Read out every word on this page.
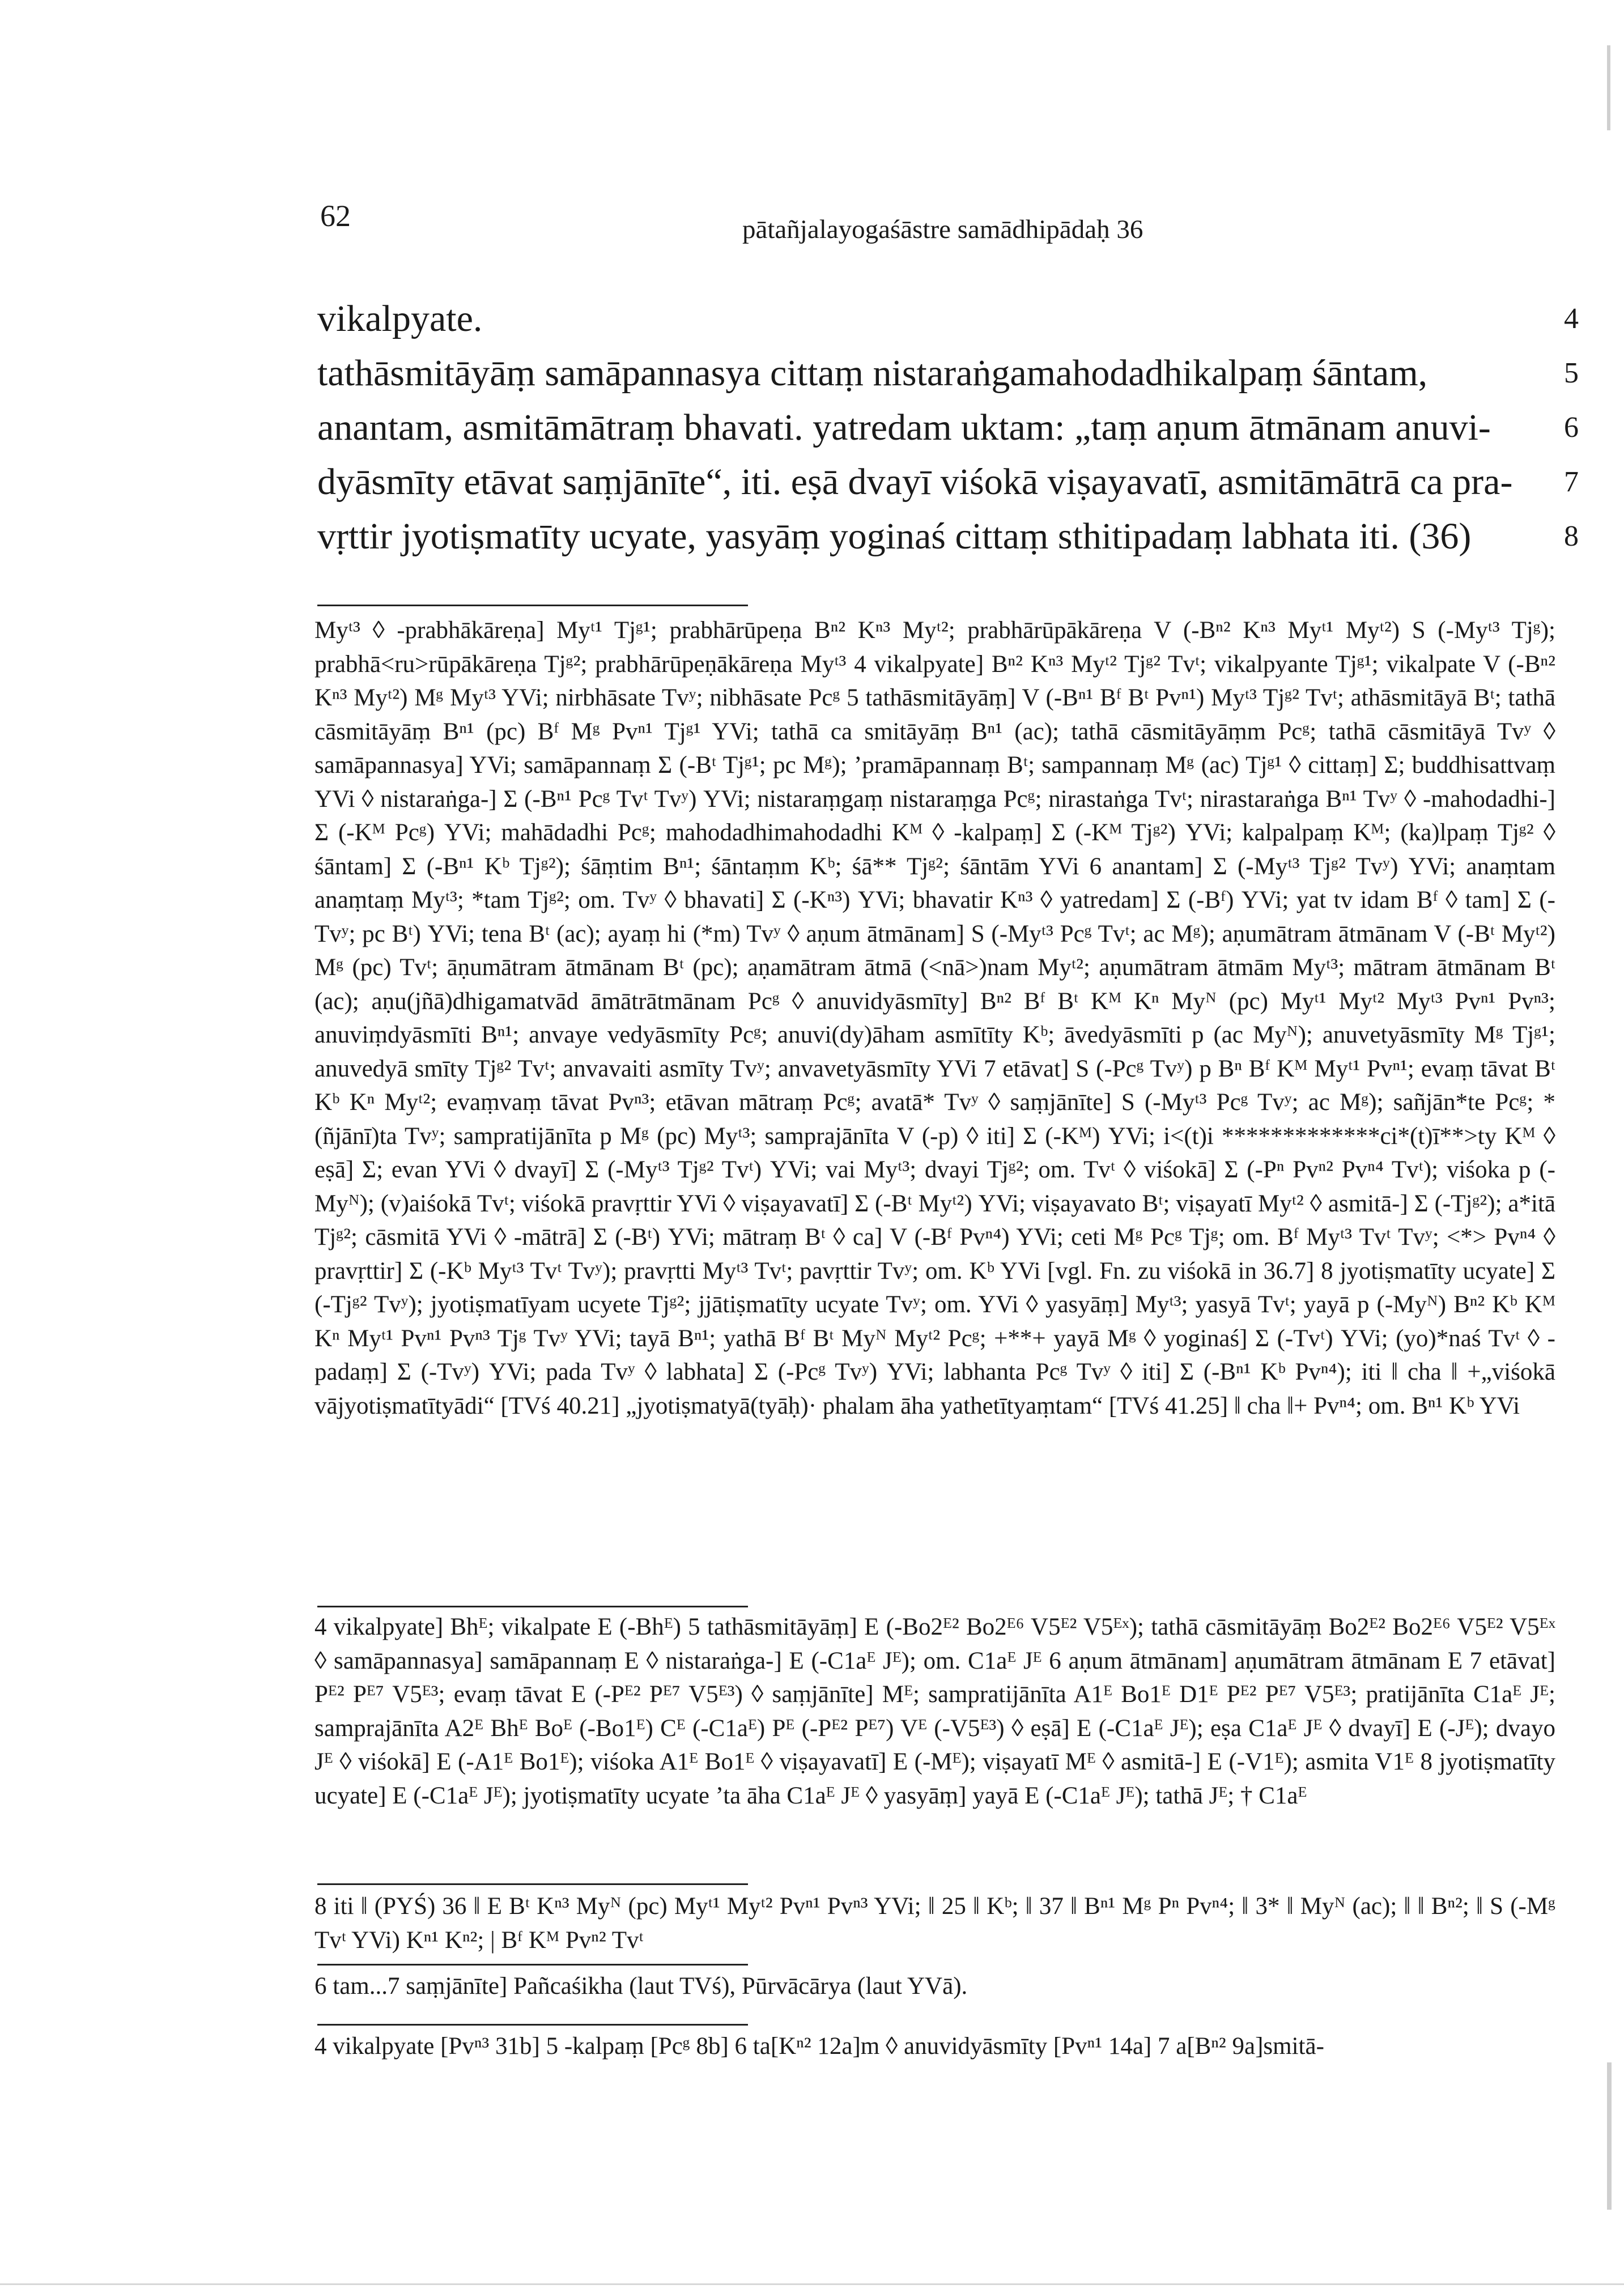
62	pātañjalayogaśāstre samādhipādaḥ 36
vikalpyate.	4
tathāsmitāyāṃ samāpannasya cittaṃ nistaraṅgamahodadhikalpaṃ śāntam,	5
anantam, asmitāmātraṃ bhavati. yatredam uktam: „taṃ aṇum ātmānam anuvi- 6
dyāsmīty etāvat saṃjānīte“, iti. eṣā dvayī viśokā viṣayavatī, asmitāmātrā ca pra- 7
vṛttir jyotiṣmatīty ucyate, yasyāṃ yoginaś cittaṃ sthitipadaṃ labhata iti. (36)	8

Myᵗ³ ◊ -prabhākāreṇa] Myᵗ¹ Tjᵍ¹; prabhārūpeṇa Bⁿ² Kⁿ³ Myᵗ²; prabhārūpākāreṇa V (-Bⁿ² Kⁿ³ Myᵗ¹ Myᵗ²) S (-Myᵗ³ Tjᵍ); prabhā<ru>rūpākāreṇa Tjᵍ²; prabhārūpeṇākāreṇa Myᵗ³ 4 vikalpyate] Bⁿ² Kⁿ³ Myᵗ² Tjᵍ² Tvᵗ; vikalpyante Tjᵍ¹; vikalpate V (-Bⁿ² Kⁿ³ Myᵗ²) Mᵍ Myᵗ³ YVi; nirbhāsate Tvʸ; nibhāsate Pcᵍ 5 tathāsmitāyāṃ] V (-Bⁿ¹ Bᶠ Bᵗ Pvⁿ¹) Myᵗ³ Tjᵍ² Tvᵗ; athāsmitāyā Bᵗ; tathā cāsmitāyāṃ Bⁿ¹ (pc) Bᶠ Mᵍ Pvⁿ¹ Tjᵍ¹ YVi; tathā ca smitāyāṃ Bⁿ¹ (ac); tathā cāsmitāyāṃm Pcᵍ; tathā cāsmitāyā Tvʸ ◊ samāpannasya] YVi; samāpannaṃ Σ (-Bᵗ Tjᵍ¹; pc Mᵍ); ’pramāpannaṃ Bᵗ; sampannaṃ Mᵍ (ac) Tjᵍ¹ ◊ cittaṃ] Σ; buddhisattvaṃ YVi ◊ nistaraṅga-] Σ (-Bⁿ¹ Pcᵍ Tvᵗ Tvʸ) YVi; nistaraṃgaṃ nistaraṃga Pcᵍ; nirastaṅga Tvᵗ; nirastaraṅga Bⁿ¹ Tvʸ ◊ -mahodadhi-] Σ (-Kᴹ Pcᵍ) YVi; mahādadhi Pcᵍ; mahodadhimahodadhi Kᴹ ◊ -kalpaṃ] Σ (-Kᴹ Tjᵍ²) YVi; kalpalpaṃ Kᴹ; (ka)lpaṃ Tjᵍ² ◊ śāntam] Σ (-Bⁿ¹ Kᵇ Tjᵍ²); śāṃtim Bⁿ¹; śāntaṃm Kᵇ; śā** Tjᵍ²; śāntām YVi 6 anantam] Σ (-Myᵗ³ Tjᵍ² Tvʸ) YVi; anaṃtam anaṃtaṃ Myᵗ³; *tam Tjᵍ²; om. Tvʸ ◊ bhavati] Σ (-Kⁿ³) YVi; bhavatir Kⁿ³ ◊ yatredam] Σ (-Bᶠ) YVi; yat tv idam Bᶠ ◊ tam] Σ (-Tvʸ; pc Bᵗ) YVi; tena Bᵗ (ac); ayaṃ hi (*m) Tvʸ ◊ aṇum ātmānam] S (-Myᵗ³ Pcᵍ Tvᵗ; ac Mᵍ); aṇumātram ātmānam V (-Bᵗ Myᵗ²) Mᵍ (pc) Tvᵗ; āṇumātram ātmānam Bᵗ (pc); aṇamātram ātmā (<nā>)nam Myᵗ²; aṇumātram ātmām Myᵗ³; mātram ātmānam Bᵗ (ac); aṇu(jñā)dhigamatvād āmātrātmānam Pcᵍ ◊ anuvidyāsmīty] Bⁿ² Bᶠ Bᵗ Kᴹ Kⁿ Myᴺ (pc) Myᵗ¹ Myᵗ² Myᵗ³ Pvⁿ¹ Pvⁿ³; anuviṃdyāsmīti Bⁿ¹; anvaye vedyāsmīty Pcᵍ; anuvi(dy)āham asmītīty Kᵇ; āvedyāsmīti p (ac Myᴺ); anuvetyāsmīty Mᵍ Tjᵍ¹; anuvedyā smīty Tjᵍ² Tvᵗ; anvavaiti asmīty Tvʸ; anvavetyāsmīty YVi 7 etāvat] S (-Pcᵍ Tvʸ) p Bⁿ Bᶠ Kᴹ Myᵗ¹ Pvⁿ¹; evaṃ tāvat Bᵗ Kᵇ Kⁿ Myᵗ²; evaṃvaṃ tāvat Pvⁿ³; etāvan mātraṃ Pcᵍ; avatā* Tvʸ ◊ saṃjānīte] S (-Myᵗ³ Pcᵍ Tvʸ; ac Mᵍ); sañjān*te Pcᵍ; *(ñjānī)ta Tvʸ; sampratijānīta p Mᵍ (pc) Myᵗ³; samprajānīta V (-p) ◊ iti] Σ (-Kᴹ) YVi; i<(t)i *************ci*(t)ī**>ty Kᴹ ◊ eṣā] Σ; evan YVi ◊ dvayī] Σ (-Myᵗ³ Tjᵍ² Tvᵗ) YVi; vai Myᵗ³; dvayi Tjᵍ²; om. Tvᵗ ◊ viśokā] Σ (-Pⁿ Pvⁿ² Pvⁿ⁴ Tvᵗ); viśoka p (-Myᴺ); (v)aiśokā Tvᵗ; viśokā pravṛttir YVi ◊ viṣayavatī] Σ (-Bᵗ Myᵗ²) YVi; viṣayavato Bᵗ; viṣayatī Myᵗ² ◊ asmitā-] Σ (-Tjᵍ²); a*itā Tjᵍ²; cāsmitā YVi ◊ -mātrā] Σ (-Bᵗ) YVi; mātraṃ Bᵗ ◊ ca] V (-Bᶠ Pvⁿ⁴) YVi; ceti Mᵍ Pcᵍ Tjᵍ; om. Bᶠ Myᵗ³ Tvᵗ Tvʸ; <*> Pvⁿ⁴ ◊ pravṛttir] Σ (-Kᵇ Myᵗ³ Tvᵗ Tvʸ); pravṛtti Myᵗ³ Tvᵗ; pavṛttir Tvʸ; om. Kᵇ YVi [vgl. Fn. zu viśokā in 36.7] 8 jyotiṣmatīty ucyate] Σ (-Tjᵍ² Tvʸ); jyotiṣmatīyam ucyete Tjᵍ²; jjātiṣmatīty ucyate Tvʸ; om. YVi ◊ yasyāṃ] Myᵗ³; yasyā Tvᵗ; yayā p (-Myᴺ) Bⁿ² Kᵇ Kᴹ Kⁿ Myᵗ¹ Pvⁿ¹ Pvⁿ³ Tjᵍ Tvʸ YVi; tayā Bⁿ¹; yathā Bᶠ Bᵗ Myᴺ Myᵗ² Pcᵍ; +**+ yayā Mᵍ ◊ yoginaś] Σ (-Tvᵗ) YVi; (yo)*naś Tvᵗ ◊ -padaṃ] Σ (-Tvʸ) YVi; pada Tvʸ ◊ labhata] Σ (-Pcᵍ Tvʸ) YVi; labhanta Pcᵍ Tvʸ ◊ iti] Σ (-Bⁿ¹ Kᵇ Pvⁿ⁴); iti ‖ cha ‖ +„viśokā vājyotiṣmatītyādi“ [TVś 40.21] „jyotiṣmatyā(tyāḥ)· phalam āha yathetītyaṃtam“ [TVś 41.25] ‖ cha ‖+ Pvⁿ⁴; om. Bⁿ¹ Kᵇ YVi

4 vikalpyate] Bhᴱ; vikalpate E (-Bhᴱ) 5 tathāsmitāyāṃ] E (-Bo2ᴱ² Bo2ᴱ⁶ V5ᴱ² V5ᴱˣ); tathā cāsmitāyāṃ Bo2ᴱ² Bo2ᴱ⁶ V5ᴱ² V5ᴱˣ ◊ samāpannasya] samāpannaṃ E ◊ nistaraṅga-] E (-C1aᴱ Jᴱ); om. C1aᴱ Jᴱ 6 aṇum ātmānam] aṇumātram ātmānam E 7 etāvat] Pᴱ² Pᴱ⁷ V5ᴱ³; evaṃ tāvat E (-Pᴱ² Pᴱ⁷ V5ᴱ³) ◊ saṃjānīte] Mᴱ; sampratijānīta A1ᴱ Bo1ᴱ D1ᴱ Pᴱ² Pᴱ⁷ V5ᴱ³; pratijānīta C1aᴱ Jᴱ; samprajānīta A2ᴱ Bhᴱ Boᴱ (-Bo1ᴱ) Cᴱ (-C1aᴱ) Pᴱ (-Pᴱ² Pᴱ⁷) Vᴱ (-V5ᴱ³) ◊ eṣā] E (-C1aᴱ Jᴱ); eṣa C1aᴱ Jᴱ ◊ dvayī] E (-Jᴱ); dvayo Jᴱ ◊ viśokā] E (-A1ᴱ Bo1ᴱ); viśoka A1ᴱ Bo1ᴱ ◊ viṣayavatī] E (-Mᴱ); viṣayatī Mᴱ ◊ asmitā-] E (-V1ᴱ); asmita V1ᴱ 8 jyotiṣmatīty ucyate] E (-C1aᴱ Jᴱ); jyotiṣmatīty ucyate ’ta āha C1aᴱ Jᴱ ◊ yasyāṃ] yayā E (-C1aᴱ Jᴱ); tathā Jᴱ; † C1aᴱ

8 iti ‖ (PYŚ) 36 ‖ E Bᵗ Kⁿ³ Myᴺ (pc) Myᵗ¹ Myᵗ² Pvⁿ¹ Pvⁿ³ YVi; ‖ 25 ‖ Kᵇ; ‖ 37 ‖ Bⁿ¹ Mᵍ Pⁿ Pvⁿ⁴; ‖ 3* ‖ Myᴺ (ac); ‖ ‖ Bⁿ²; ‖ S (-Mᵍ Tvᵗ YVi) Kⁿ¹ Kⁿ²; | Bᶠ Kᴹ Pvⁿ² Tvᵗ

6 tam...7 saṃjānīte] Pañcaśikha (laut TVś), Pūrvācārya (laut YVā).

4 vikalpyate [Pvⁿ³ 31b] 5 -kalpaṃ [Pcᵍ 8b] 6 ta[Kⁿ² 12a]m ◊ anuvidyāsmīty [Pvⁿ¹ 14a] 7 a[Bⁿ² 9a]smitā-
